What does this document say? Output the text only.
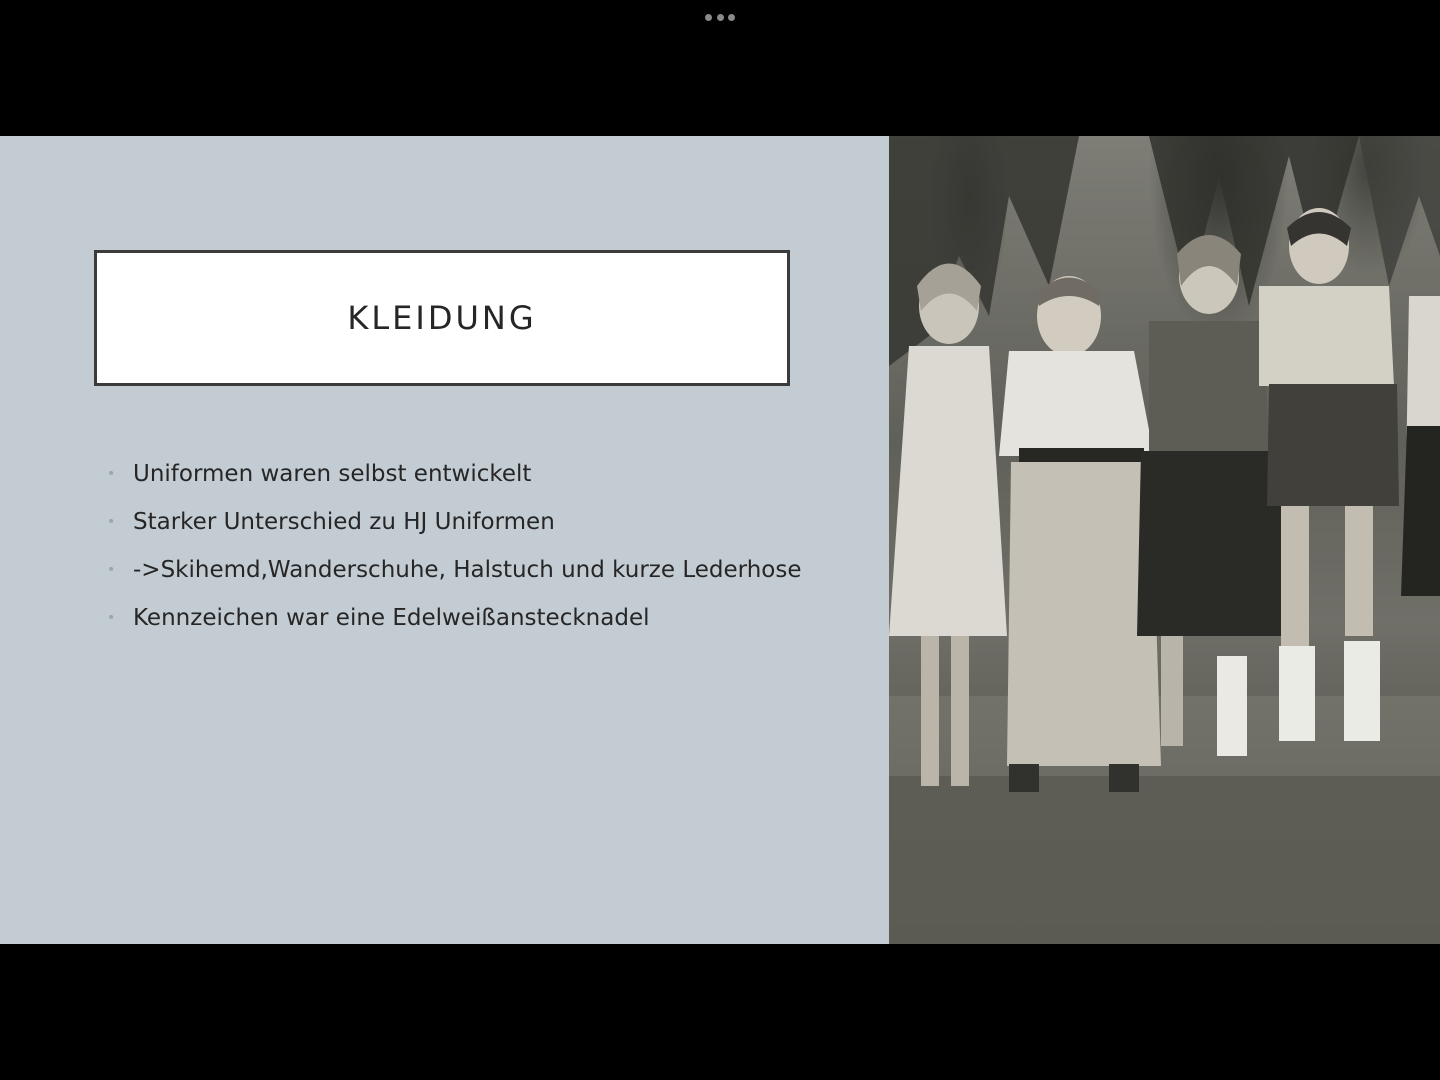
KLEIDUNG
• Uniformen waren selbst entwickelt
• Starker Unterschied zu HJ Uniformen
• ->Skihemd,Wanderschuhe, Halstuch und kurze Lederhose
• Kennzeichen war eine Edelweißanstecknadel
